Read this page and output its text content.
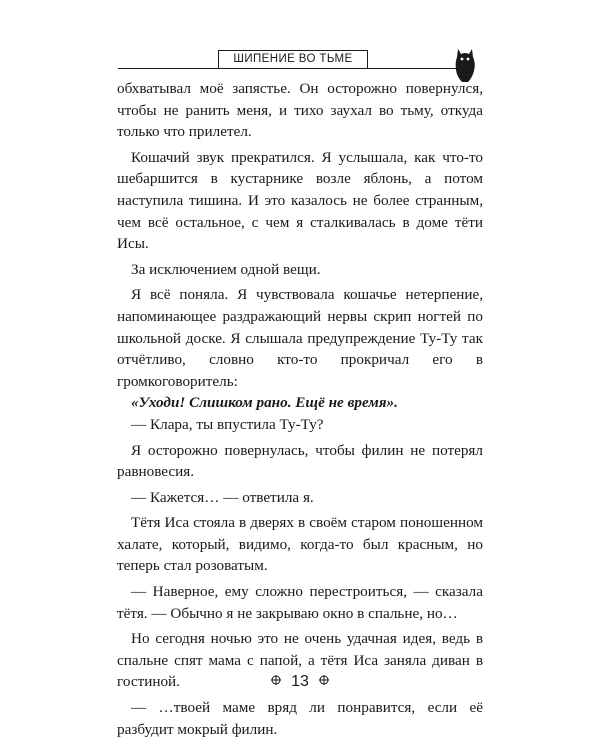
ШИПЕНИЕ ВО ТЬМЕ

обхватывал моё запястье. Он осторожно повернулся, чтобы не ранить меня, и тихо заухал во тьму, откуда только что прилетел.

Кошачий звук прекратился. Я услышала, как что-то шебаршится в кустарнике возле яблонь, а потом наступила тишина. И это казалось не более странным, чем всё остальное, с чем я сталкивалась в доме тёти Исы.

За исключением одной вещи.

Я всё поняла. Я чувствовала кошачье нетерпение, напоминающее раздражающий нервы скрип ногтей по школьной доске. Я слышала предупреждение Ту-Ту так отчётливо, словно кто-то прокричал его в громкоговоритель:

«Уходи! Слишком рано. Ещё не время».

— Клара, ты впустила Ту-Ту?

Я осторожно повернулась, чтобы филин не потерял равновесия.

— Кажется… — ответила я.

Тётя Иса стояла в дверях в своём старом поношенном халате, который, видимо, когда-то был красным, но теперь стал розоватым.

— Наверное, ему сложно перестроиться, — сказала тётя. — Обычно я не закрываю окно в спальне, но…

Но сегодня ночью это не очень удачная идея, ведь в спальне спят мама с папой, а тётя Иса заняла диван в гостиной.

— …твоей маме вряд ли понравится, если её разбудит мокрый филин.

13
